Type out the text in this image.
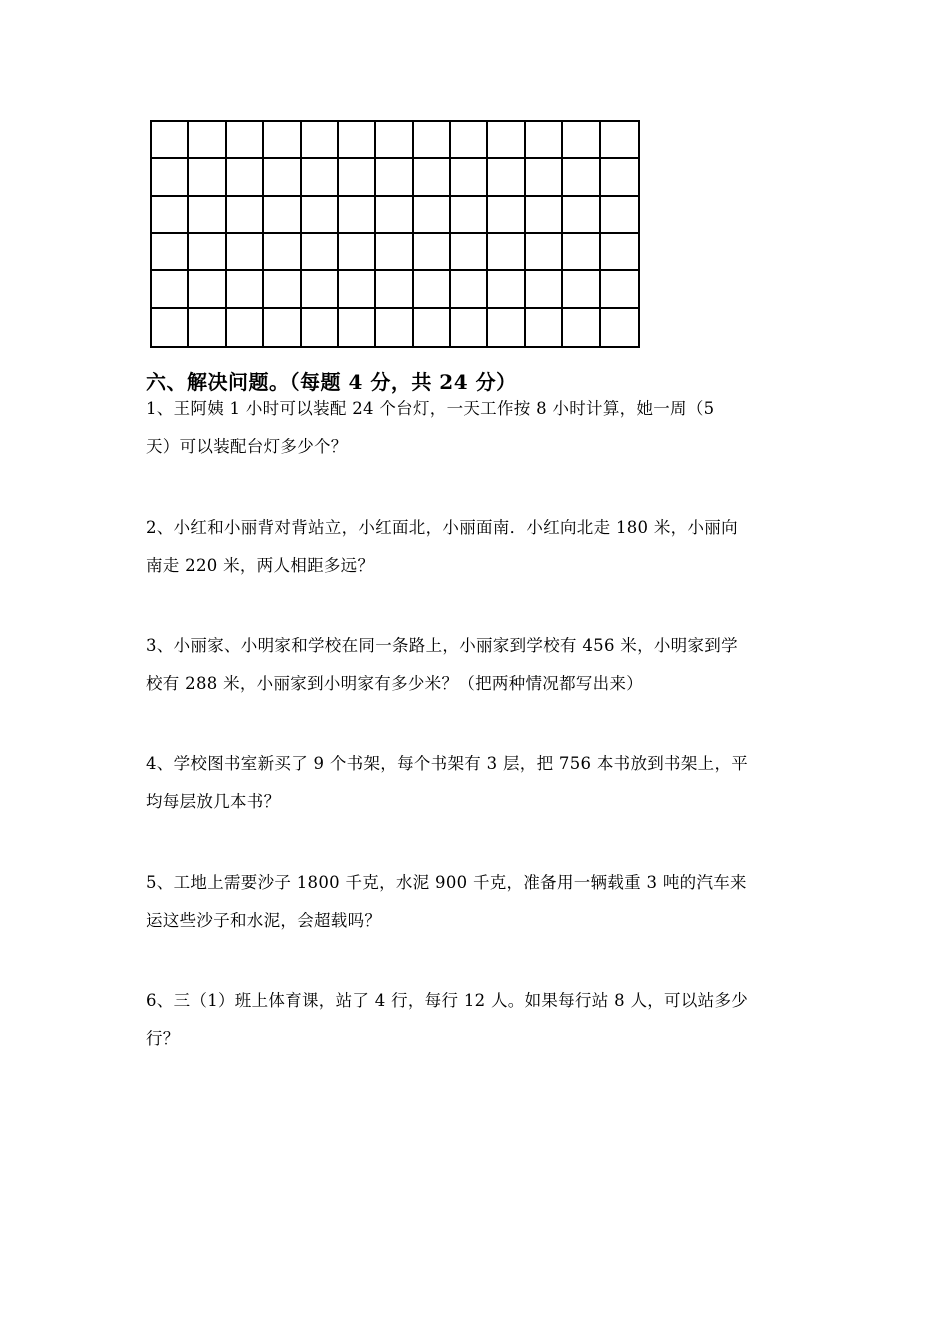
六、解决问题。（每题 4 分，共 24 分）
1、王阿姨 1 小时可以装配 24 个台灯，一天工作按 8 小时计算，她一周（5
天）可以装配台灯多少个？
2、小红和小丽背对背站立，小红面北，小丽面南．小红向北走 180 米，小丽向
南走 220 米，两人相距多远？
3、小丽家、小明家和学校在同一条路上，小丽家到学校有 456 米，小明家到学
校有 288 米，小丽家到小明家有多少米？（把两种情况都写出来）
4、学校图书室新买了 9 个书架，每个书架有 3 层，把 756 本书放到书架上，平
均每层放几本书？
5、工地上需要沙子 1800 千克，水泥 900 千克，准备用一辆载重 3 吨的汽车来
运这些沙子和水泥，会超载吗？
6、三（1）班上体育课，站了 4 行，每行 12 人。如果每行站 8 人，可以站多少
行？
